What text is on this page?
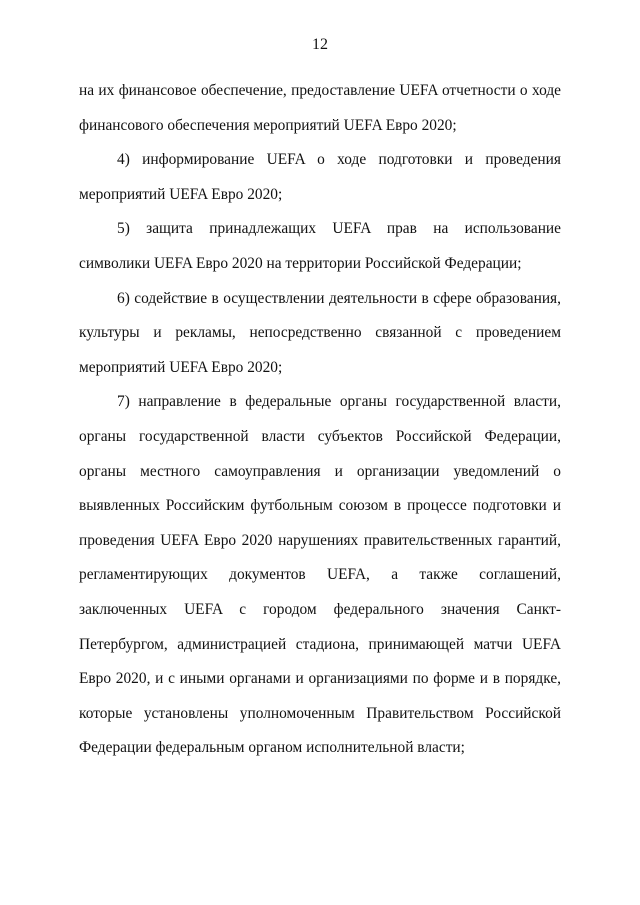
12

на их финансовое обеспечение, предоставление UEFA отчетности о ходе финансового обеспечения мероприятий UEFA Евро 2020;

4) информирование UEFA о ходе подготовки и проведения мероприятий UEFA Евро 2020;

5) защита принадлежащих UEFA прав на использование символики UEFA Евро 2020 на территории Российской Федерации;

6) содействие в осуществлении деятельности в сфере образования, культуры и рекламы, непосредственно связанной с проведением мероприятий UEFA Евро 2020;

7) направление в федеральные органы государственной власти, органы государственной власти субъектов Российской Федерации, органы местного самоуправления и организации уведомлений о выявленных Российским футбольным союзом в процессе подготовки и проведения UEFA Евро 2020 нарушениях правительственных гарантий, регламентирующих документов UEFA, а также соглашений, заключенных UEFA с городом федерального значения Санкт-Петербургом, администрацией стадиона, принимающей матчи UEFA Евро 2020, и с иными органами и организациями по форме и в порядке, которые установлены уполномоченным Правительством Российской Федерации федеральным органом исполнительной власти;
